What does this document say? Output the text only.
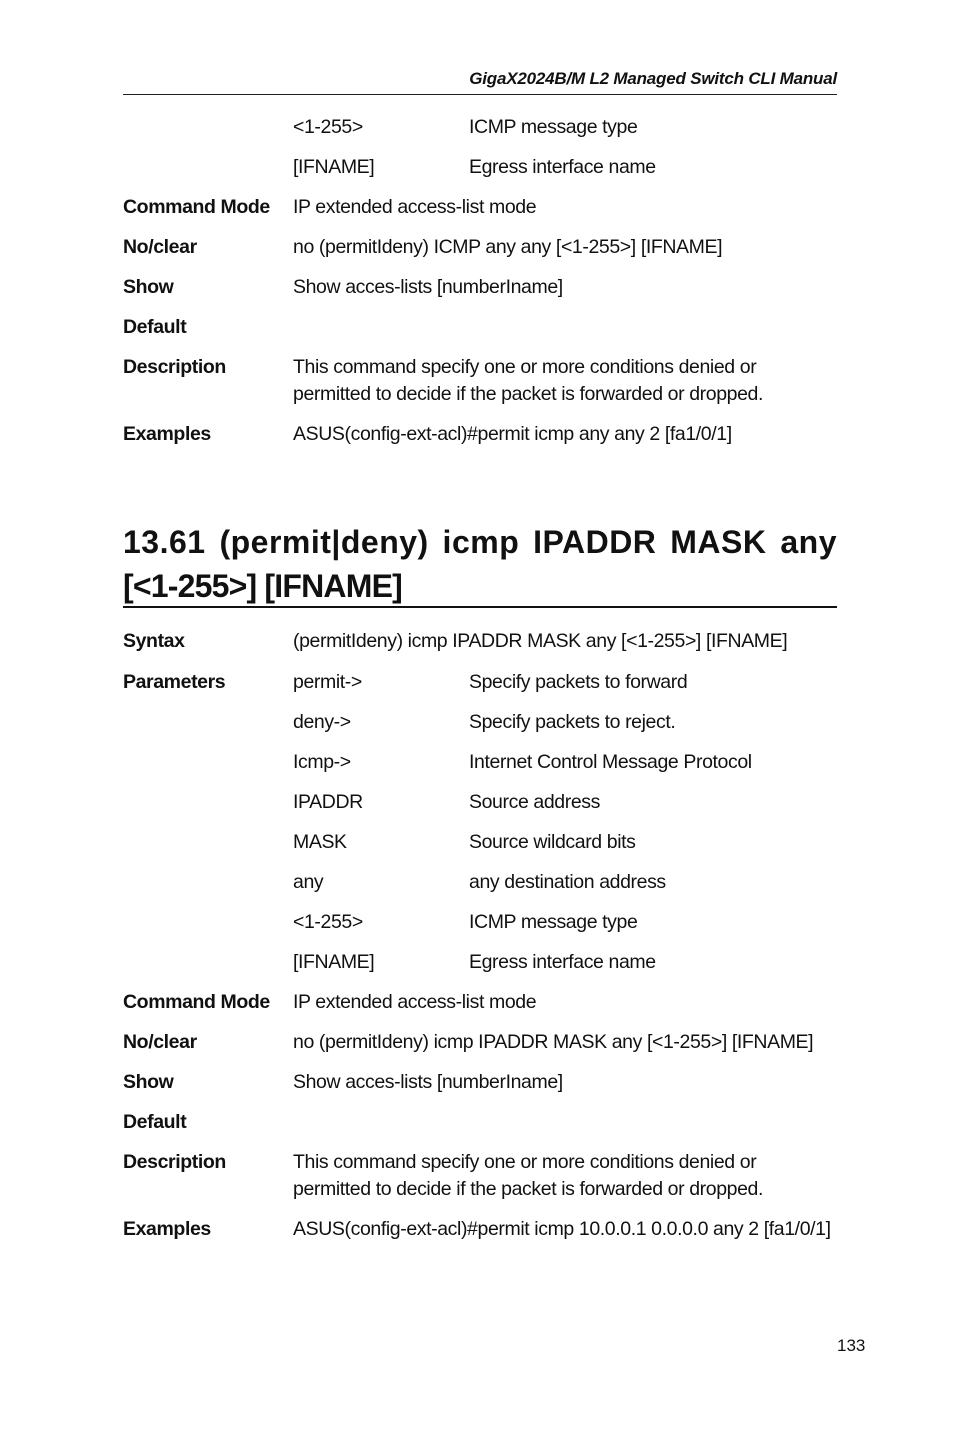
GigaX2024B/M L2 Managed Switch CLI Manual
<1-255>	ICMP message type
[IFNAME]	Egress interface name
Command Mode IP extended access-list mode
No/clear	no (permitIdeny) ICMP any any [<1-255>] [IFNAME]
Show	Show acces-lists [numberIname]
Default
Description	This command specify one or more conditions denied or
permitted to decide if the packet is forwarded or dropped.
Examples	ASUS(config-ext-acl)#permit icmp any any 2 [fa1/0/1]
13.61 (permit|deny) icmp IPADDR MASK any
[<1-255>] [IFNAME]
Syntax	(permitIdeny) icmp IPADDR MASK any [<1-255>] [IFNAME]
Parameters	permit->	Specify packets to forward
deny->	Specify packets to reject.
Icmp->	Internet Control Message Protocol
IPADDR	Source address
MASK	Source wildcard bits
any	any destination address
<1-255>	ICMP message type
[IFNAME]	Egress interface name
Command Mode IP extended access-list mode
No/clear	no (permitIdeny) icmp IPADDR MASK any [<1-255>] [IFNAME]
Show	Show acces-lists [numberIname]
Default
Description	This command specify one or more conditions denied or
permitted to decide if the packet is forwarded or dropped.
Examples	ASUS(config-ext-acl)#permit icmp 10.0.0.1 0.0.0.0 any 2 [fa1/0/1]
133
